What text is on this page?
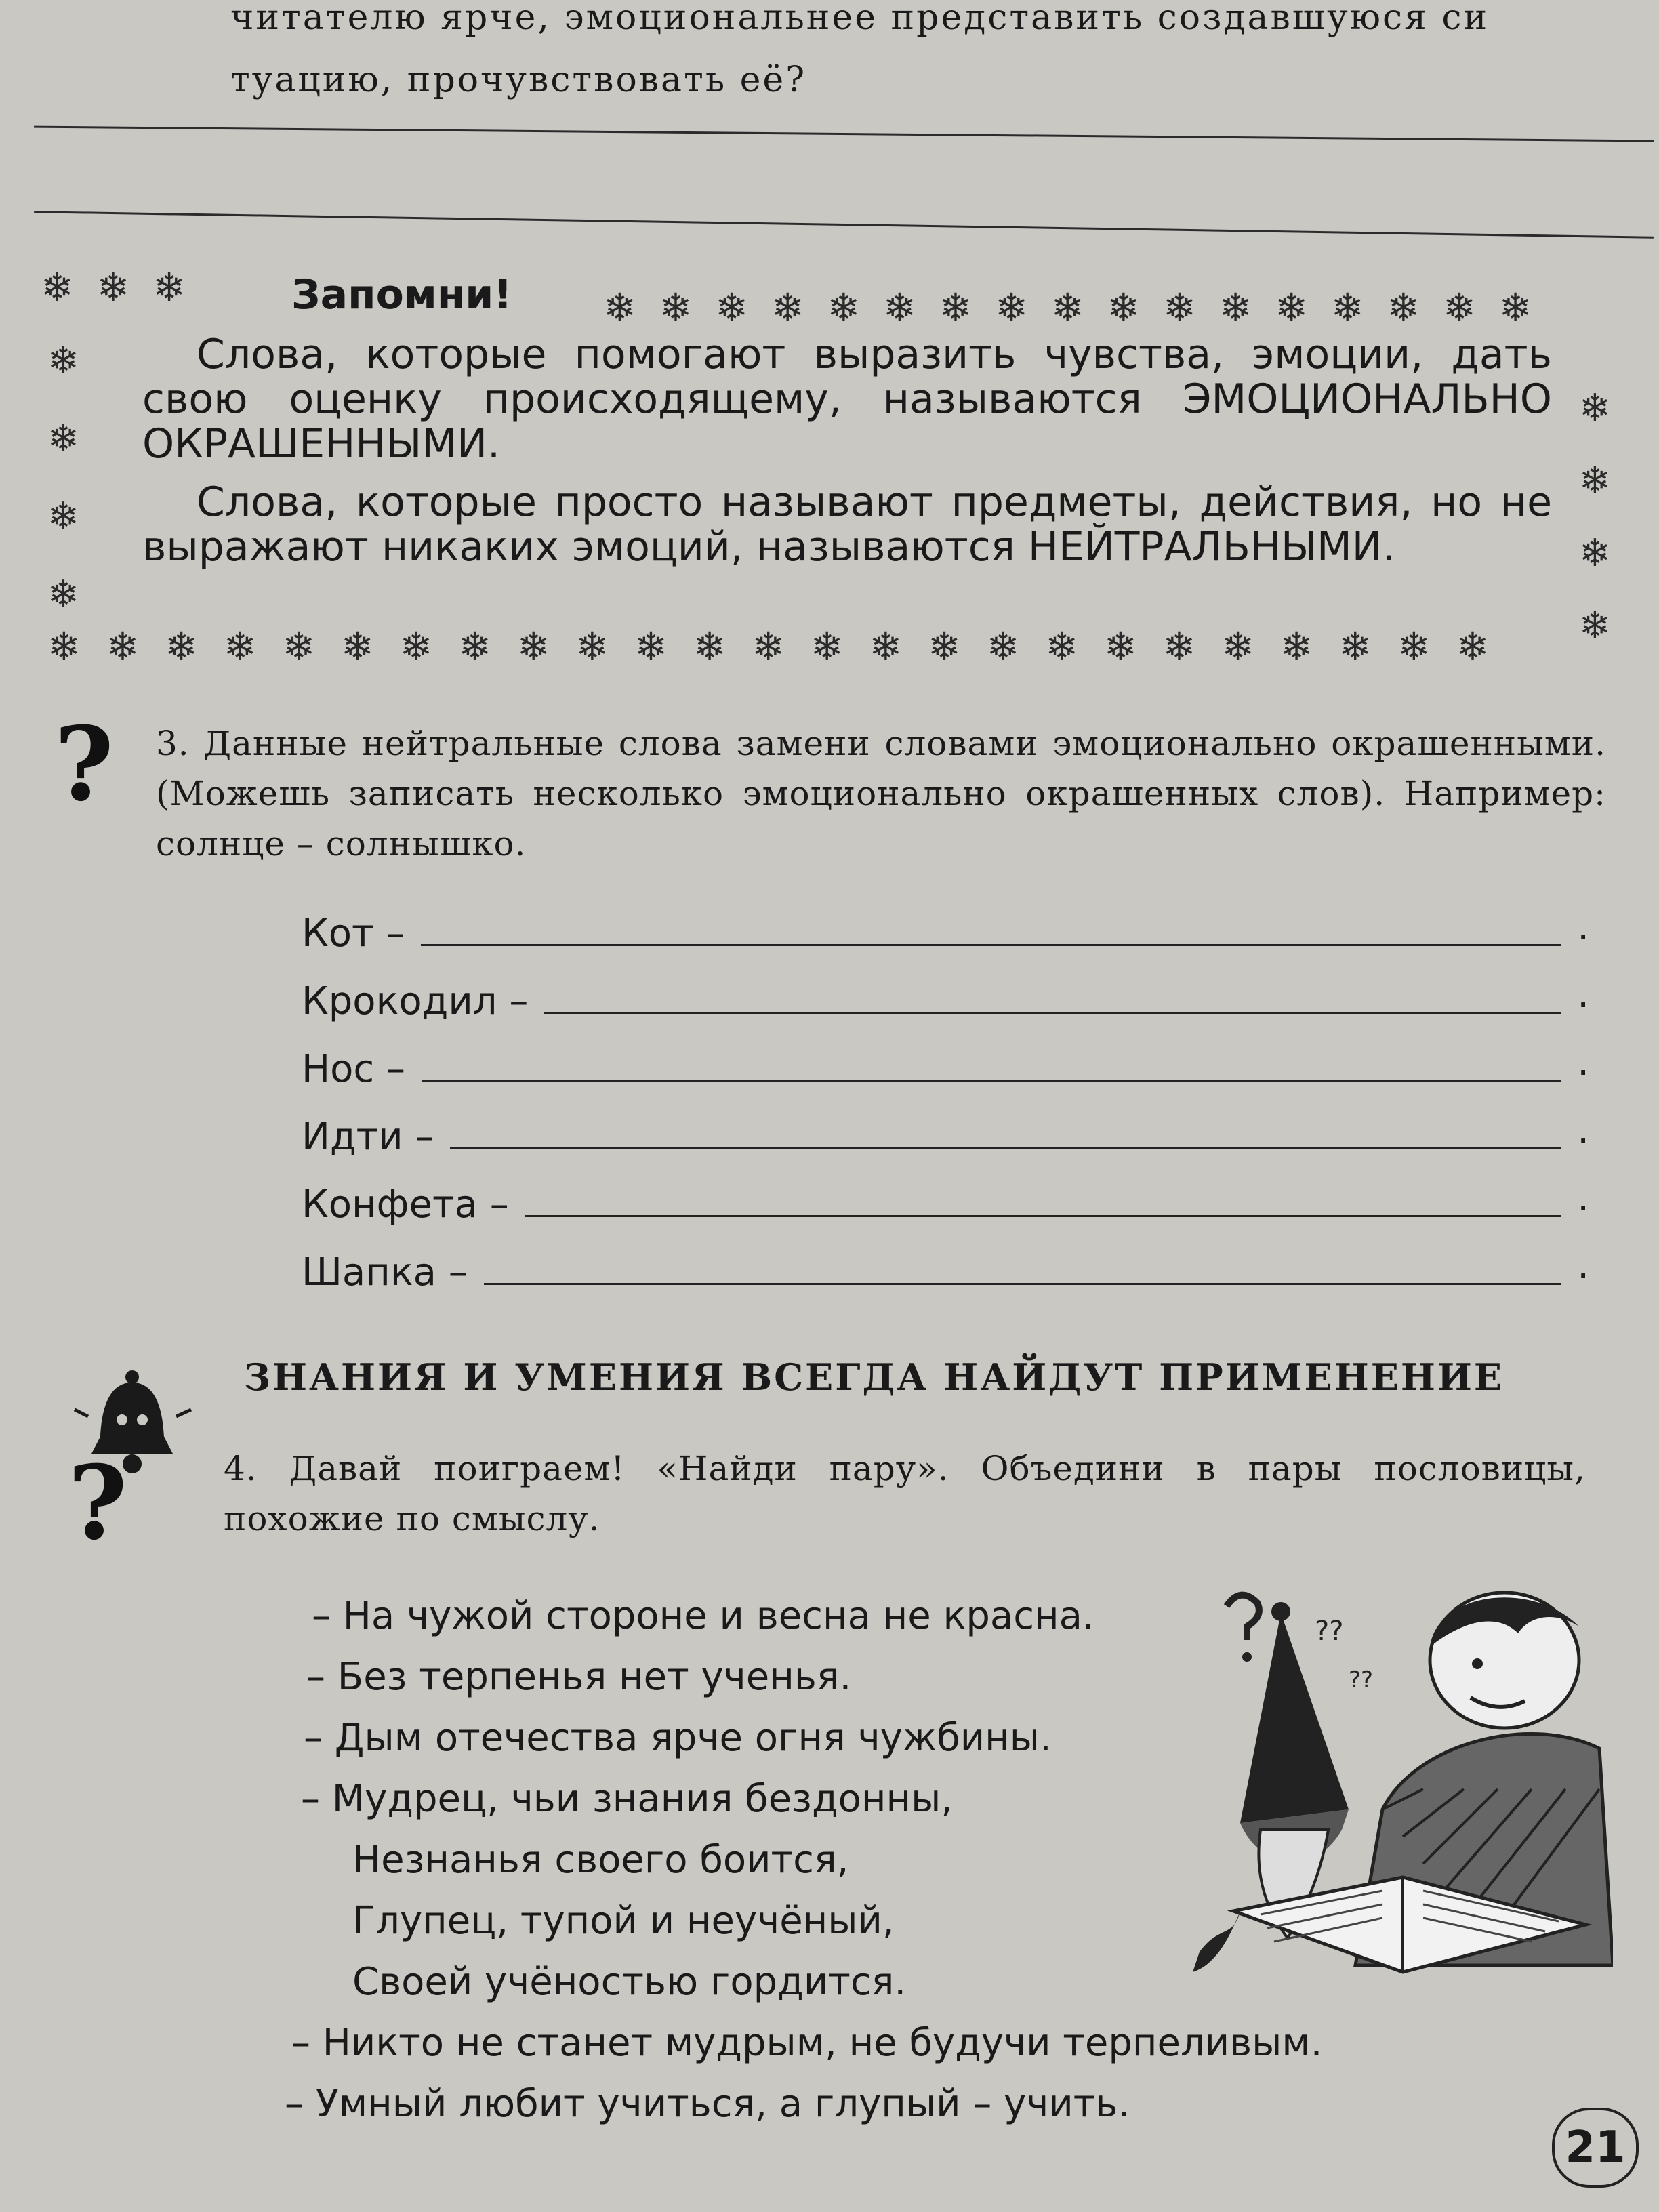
читателю ярче, эмоциональнее представить создавшуюся си
туацию, прочувствовать её?
❄ ❄ ❄	Запомни! ❄ ❄ ❄ ❄ ❄ ❄ ❄ ❄ ❄ ❄ ❄ ❄ ❄ ❄ ❄ ❄ ❄
❄
❄
❄
❄
❄
❄
❄
❄

Слова, которые помогают выразить чувства, эмоции, дать свою оценку происходящему, называются ЭМОЦИОНАЛЬНО ОКРАШЕННЫМИ.

Слова, которые просто называют предметы, действия, но не выражают никаких эмоций, называются НЕЙТРАЛЬНЫМИ.

❄ ❄ ❄ ❄ ❄ ❄ ❄ ❄ ❄ ❄ ❄ ❄ ❄ ❄ ❄ ❄ ❄ ❄ ❄ ❄ ❄ ❄ ❄ ❄ ❄
? 3. Данные нейтральные слова замени словами эмоционально окрашенными. (Можешь записать несколько эмоционально окрашенных слов). Например: солнце – солнышко.
Кот –	.
Крокодил –	.
Нос –	.
Идти –	.
Конфета –	.
Шапка –	.
ЗНАНИЯ И УМЕНИЯ ВСЕГДА НАЙДУТ ПРИМЕНЕНИЕ
?	4. Давай поиграем! «Найди пару». Объедини в пары пословицы, похожие по смыслу.
– На чужой стороне и весна не красна.
– Без терпенья нет ученья.
– Дым отечества ярче огня чужбины.
– Мудрец, чьи знания бездонны,
Незнанья своего боится,
Глупец, тупой и неучёный,
Своей учёностью гордится.
– Никто не станет мудрым, не будучи терпеливым.
– Умный любит учиться, а глупый – учить.
??
??
21
